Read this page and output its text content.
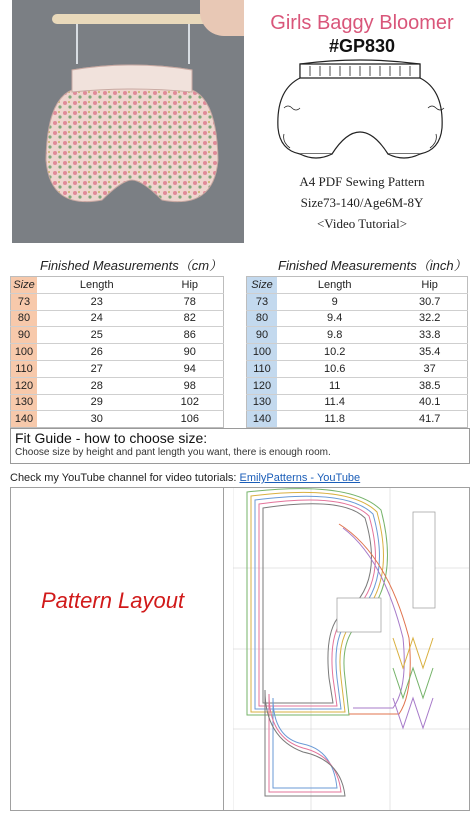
Girls Baggy Bloomer
#GP830
A4 PDF Sewing Pattern
Size73-140/Age6M-8Y
<Video Tutorial>
Finished Measurements（cm）	Finished Measurements（inch）
Size	Length	Hip
73	23	78
80	24	82
90	25	86
100	26	90
110	27	94
120	28	98
130	29	102
140	30	106
Size	Length	Hip
73	9	30.7
80	9.4	32.2
90	9.8	33.8
100	10.2	35.4
110	10.6	37
120	11	38.5
130	11.4	40.1
140	11.8	41.7
Fit Guide - how to choose size:
Choose size by height and pant length you want, there is enough room.
Check my YouTube channel for video tutorials: EmilyPatterns - YouTube
Pattern Layout
